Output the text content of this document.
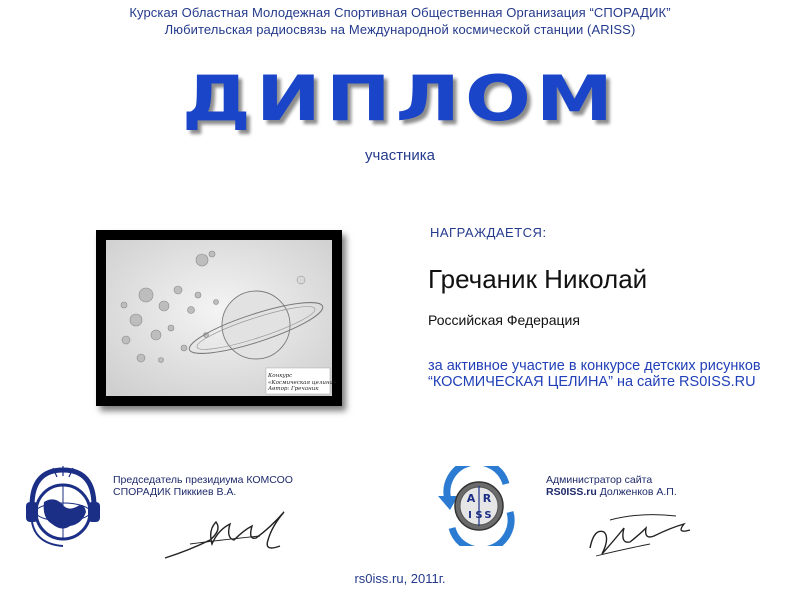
Курская Областная Молодежная Спортивная Общественная Организация “СПОРАДИК”
Любительская радиосвязь на Международной космической станции (ARISS)
ДИПЛОМ
участника
Конкурс
«Космическая целина»
Автор: Гречаник
НАГРАЖДАЕТСЯ:
Гречаник Николай
Российская Федерация
за активное участие в конкурсе детских рисунков “КОСМИЧЕСКАЯ ЦЕЛИНА” на сайте RS0ISS.RU
Председатель президиума КОМСОО
СПОРАДИК Пиккиев В.А.	A R
I S S
Администратор сайта
RS0ISS.ru Долженков А.П.
rs0iss.ru, 2011г.
